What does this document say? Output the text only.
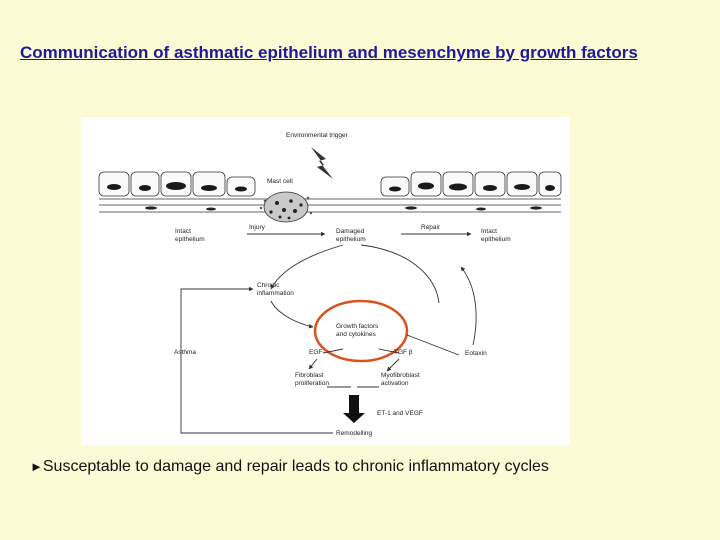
Communication of asthmatic epithelium and mesenchyme by growth factors
Environmental trigger
Mast cell
Intact
epithelium
Injury
Damaged
epithelium
Repair
Intact
epithelium
Chronic
inflammation
Growth factors
and cytokines
Asthma	EGF	TGF β	Eotaxin
Fibroblast
proliferation
Myofibroblast
activation
ET-1 and VEGF
Remodelling
►Susceptable to damage and repair leads to chronic inflammatory cycles
